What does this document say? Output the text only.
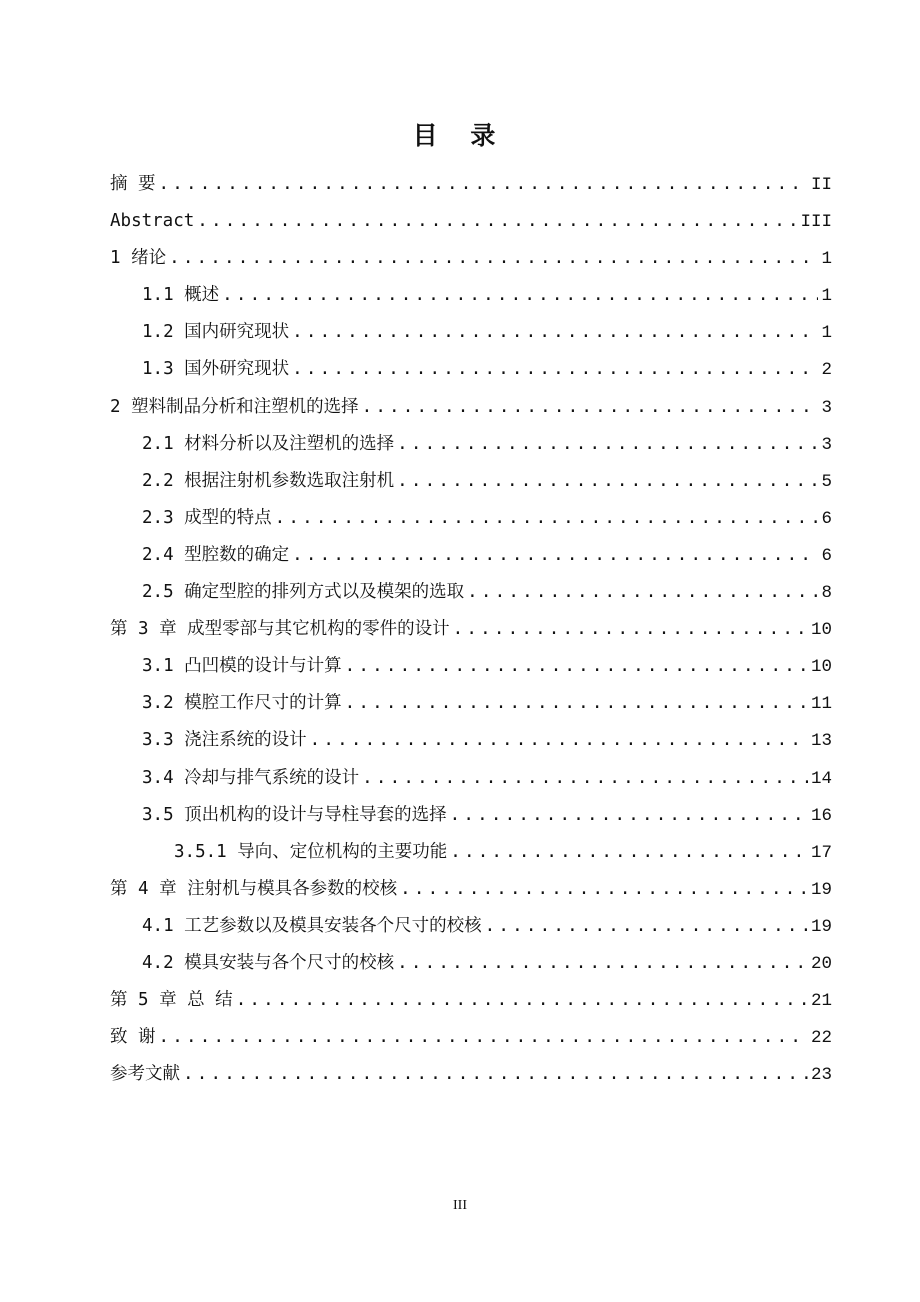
目 录
摘 要 .....	II
Abstract .....	III
1 绪论 .....	1
1.1 概述 .....	1
1.2 国内研究现状 .....	1
1.3 国外研究现状 .....	2
2 塑料制品分析和注塑机的选择 .....	3
2.1 材料分析以及注塑机的选择 .....	3
2.2 根据注射机参数选取注射机 .....	5
2.3 成型的特点 .....	6
2.4 型腔数的确定 .....	6
2.5 确定型腔的排列方式以及模架的选取 .....	8
第 3 章 成型零部与其它机构的零件的设计 .....	10
3.1 凸凹模的设计与计算 .....	10
3.2 模腔工作尺寸的计算 .....	11
3.3 浇注系统的设计 .....	13
3.4 冷却与排气系统的设计 .....	14
3.5 顶出机构的设计与导柱导套的选择 .....	16
3.5.1 导向、定位机构的主要功能 .....	17
第 4 章 注射机与模具各参数的校核 .....	19
4.1 工艺参数以及模具安装各个尺寸的校核 .....	19
4.2 模具安装与各个尺寸的校核 .....	20
第 5 章 总 结 .....	21
致 谢 .....	22
参考文献 .....	23
III
